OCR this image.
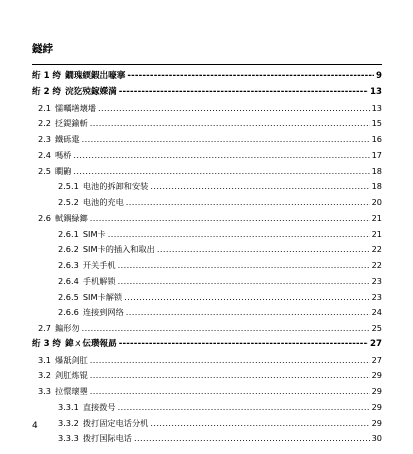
鐩綍
绗 1 绔 鐗瑰緛鍜岀嚎搴 -----	9
绗 2 绔 浣犵殑鎵嬫満 -----	13
2.1 懦曞墡壊墦 .....	13
2.2 抸鍉鍮斬 .....	15
2.3 鐵砾疐 .....	16
2.4 嗎桥 .....	17
2.5 瞷鼩 .....	18
2.5.1 电池的拆卸和安装 .....	18
2.5.2 电池的充电 .....	20
2.6 軾鍝緑鎯 .....	21
2.6.1 SIM卡 .....	21
2.6.2 SIM卡的插入和取出 .....	22
2.6.3 开关手机 .....	22
2.6.4 手机解锁 .....	23
2.6.5 SIM卡解锁 .....	23
2.6.6 连接到网络 .....	24
2.7 鍽形勿 .....	25
绗 3 绔 鍏ㄨ伝瓒報勗 -----	27
3.1 爆舐剑肛 .....	27
3.2 剑肛炼锟 .....	29
3.3 拉懁瓌瞾 .....	29
3.3.1 直接拨号 .....	29
3.3.2 拨打固定电话分机 .....	29
3.3.3 拨打国际电话 .....	30
4
